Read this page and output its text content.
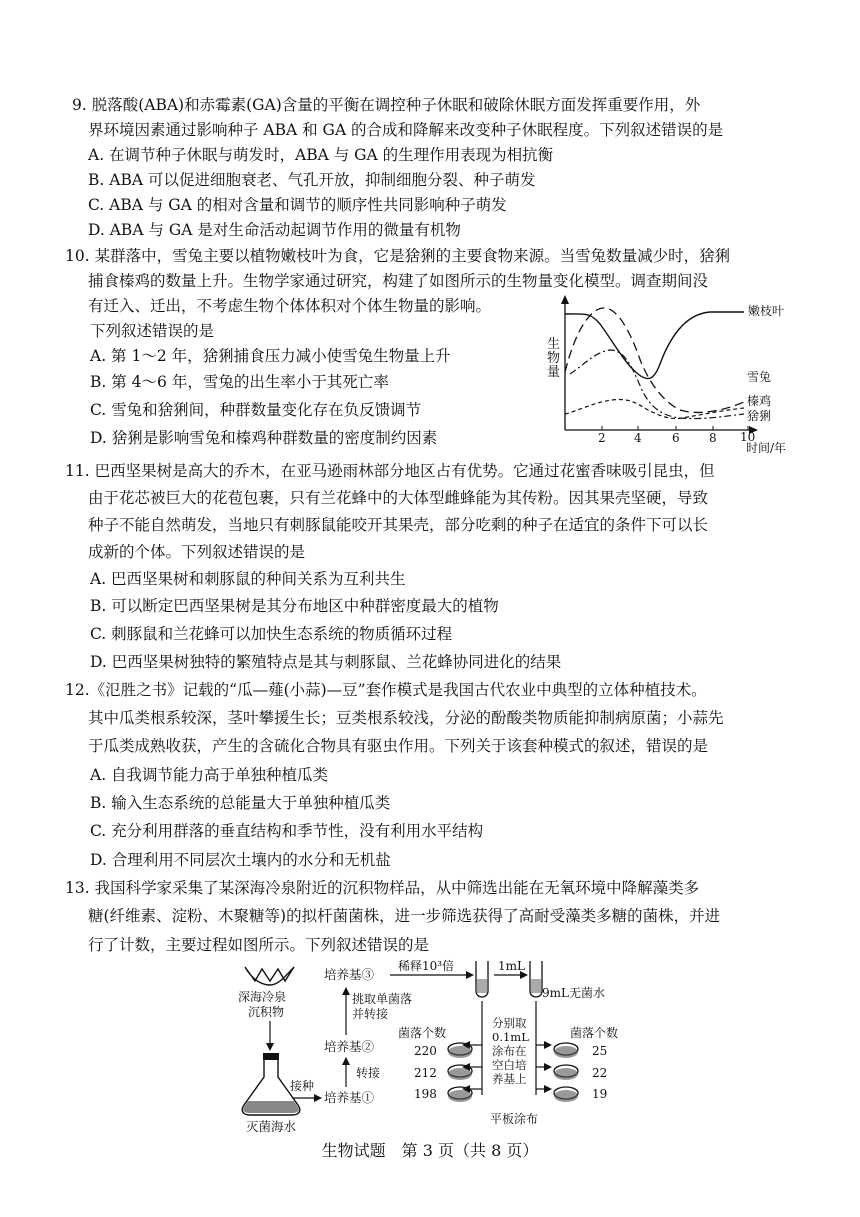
9. 脱落酸(ABA)和赤霉素(GA)含量的平衡在调控种子休眠和破除休眠方面发挥重要作用，外
界环境因素通过影响种子 ABA 和 GA 的合成和降解来改变种子休眠程度。下列叙述错误的是
A. 在调节种子休眠与萌发时，ABA 与 GA 的生理作用表现为相抗衡
B. ABA 可以促进细胞衰老、气孔开放，抑制细胞分裂、种子萌发
C. ABA 与 GA 的相对含量和调节的顺序性共同影响种子萌发
D. ABA 与 GA 是对生命活动起调节作用的微量有机物
10. 某群落中，雪兔主要以植物嫩枝叶为食，它是猞猁的主要食物来源。当雪兔数量减少时，猞猁
捕食榛鸡的数量上升。生物学家通过研究，构建了如图所示的生物量变化模型。调查期间没
有迁入、迁出，不考虑生物个体体积对个体生物量的影响。
下列叙述错误的是
A. 第 1～2 年，猞猁捕食压力减小使雪兔生物量上升
B. 第 4～6 年，雪兔的出生率小于其死亡率
C. 雪兔和猞猁间，种群数量变化存在负反馈调节
D. 猞猁是影响雪兔和榛鸡种群数量的密度制约因素	2 4	6 8 10
时间/年
生
物
量
嫩枝叶
雪兔
榛鸡
猞猁
11. 巴西坚果树是高大的乔木，在亚马逊雨林部分地区占有优势。它通过花蜜香味吸引昆虫，但
由于花芯被巨大的花苞包裹，只有兰花蜂中的大体型雌蜂能为其传粉。因其果壳坚硬，导致
种子不能自然萌发，当地只有刺豚鼠能咬开其果壳，部分吃剩的种子在适宜的条件下可以长
成新的个体。下列叙述错误的是
A. 巴西坚果树和刺豚鼠的种间关系为互利共生
B. 可以断定巴西坚果树是其分布地区中种群密度最大的植物
C. 刺豚鼠和兰花蜂可以加快生态系统的物质循环过程
D. 巴西坚果树独特的繁殖特点是其与刺豚鼠、兰花蜂协同进化的结果
12.《氾胜之书》记载的“瓜—薤(小蒜)—豆”套作模式是我国古代农业中典型的立体种植技术。
其中瓜类根系较深，茎叶攀援生长；豆类根系较浅，分泌的酚酸类物质能抑制病原菌；小蒜先
于瓜类成熟收获，产生的含硫化合物具有驱虫作用。下列关于该套种模式的叙述，错误的是
A. 自我调节能力高于单独种植瓜类
B. 输入生态系统的总能量大于单独种植瓜类
C. 充分利用群落的垂直结构和季节性，没有利用水平结构
D. 合理利用不同层次土壤内的水分和无机盐
13. 我国科学家采集了某深海冷泉附近的沉积物样品，从中筛选出能在无氧环境中降解藻类多
糖(纤维素、淀粉、木聚糖等)的拟杆菌菌株，进一步筛选获得了高耐受藻类多糖的菌株，并进
行了计数，主要过程如图所示。下列叙述错误的是
深海冷泉
沉积物
灭菌海水
接种
培养基①
转接
培养基②
挑取单菌落
并转接
培养基③
稀释10³倍	1mL
9mL无菌水
分别取
0.1mL
涂布在
空白培
养基上
菌落个数
220
212
198
菌落个数
25
22
19
平板涂布
生物试题　第 3 页（共 8 页）
